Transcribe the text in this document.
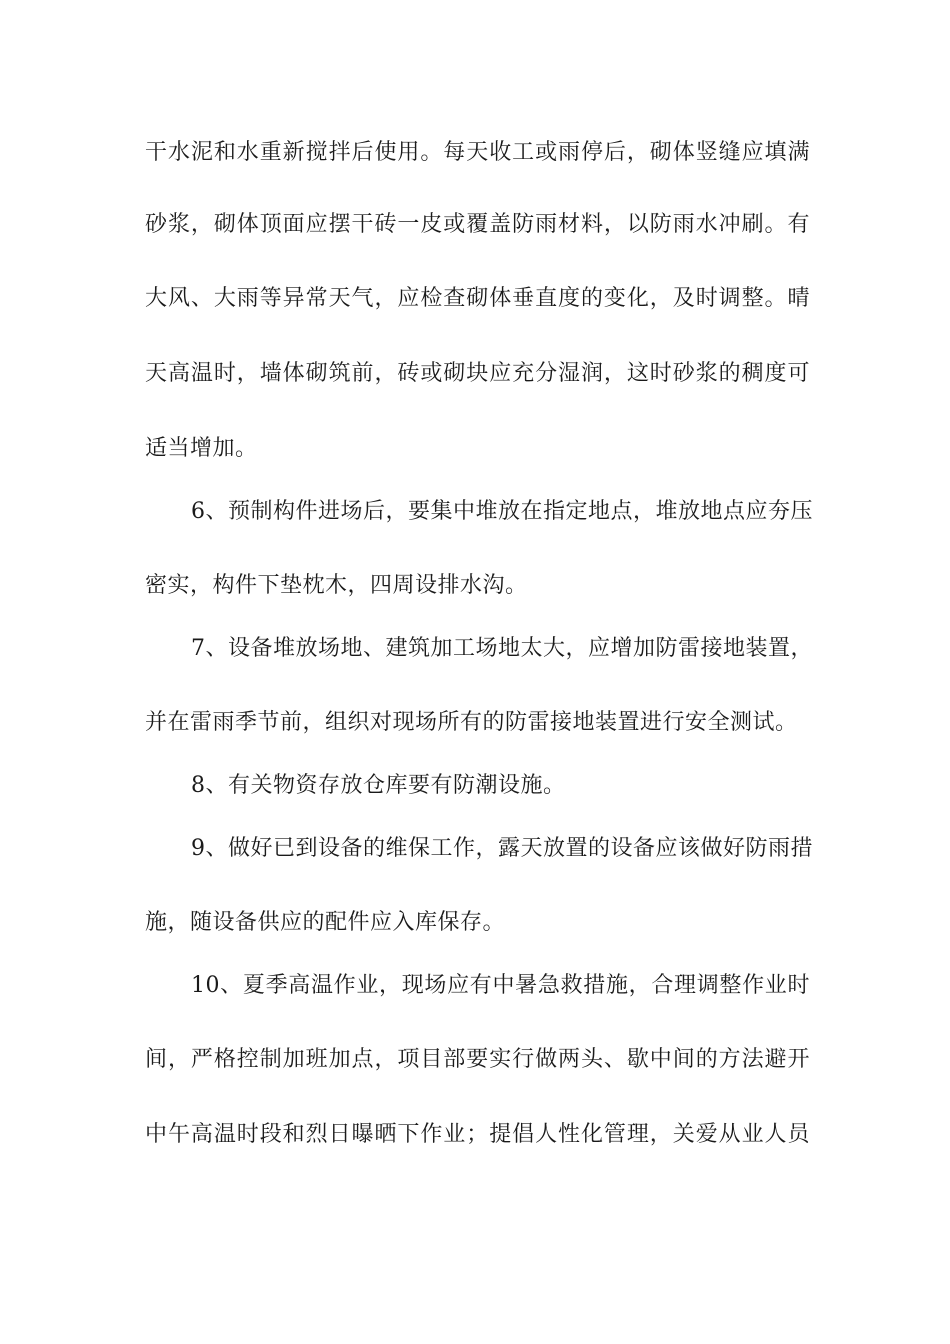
干水泥和水重新搅拌后使用。每天收工或雨停后，砌体竖缝应填满
砂浆，砌体顶面应摆干砖一皮或覆盖防雨材料，以防雨水冲刷。有
大风、大雨等异常天气，应检查砌体垂直度的变化，及时调整。晴
天高温时，墙体砌筑前，砖或砌块应充分湿润，这时砂浆的稠度可
适当增加。
6、预制构件进场后，要集中堆放在指定地点，堆放地点应夯压
密实，构件下垫枕木，四周设排水沟。
7、设备堆放场地、建筑加工场地太大，应增加防雷接地装置，
并在雷雨季节前，组织对现场所有的防雷接地装置进行安全测试。
8、有关物资存放仓库要有防潮设施。
9、做好已到设备的维保工作，露天放置的设备应该做好防雨措
施，随设备供应的配件应入库保存。
10、夏季高温作业，现场应有中暑急救措施，合理调整作业时
间，严格控制加班加点，项目部要实行做两头、歇中间的方法避开
中午高温时段和烈日曝晒下作业；提倡人性化管理，关爱从业人员
